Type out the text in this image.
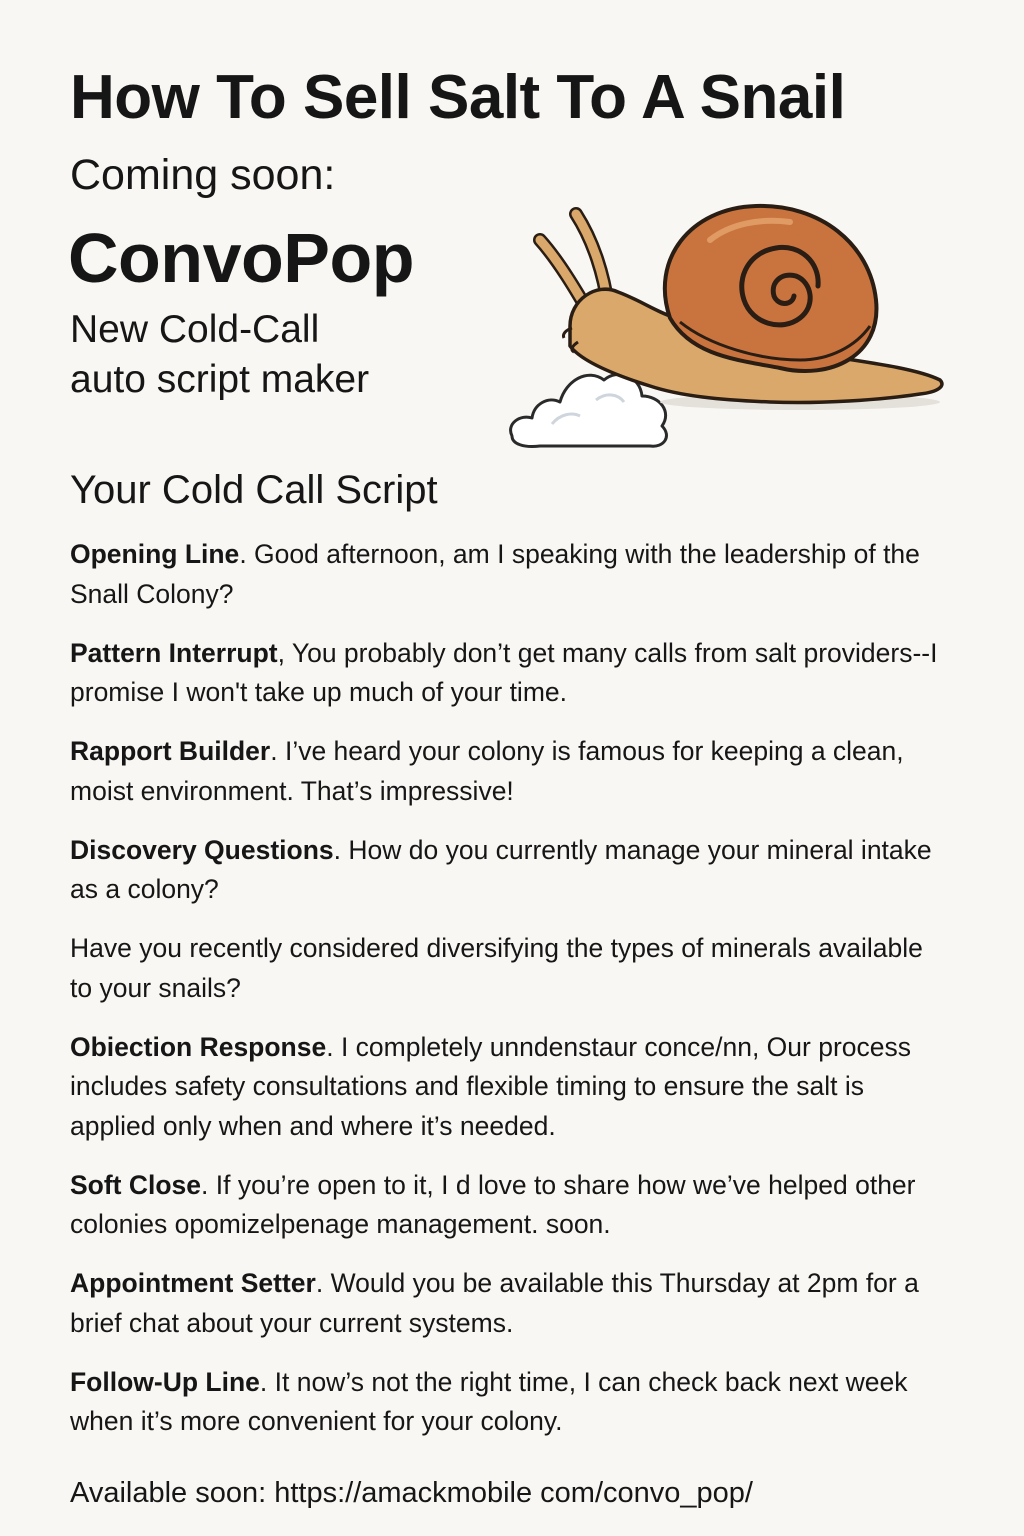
How To Sell Salt To A Snail
Coming soon:
ConvoPop
New Cold-Call
auto script maker
Your Cold Call Script

Opening Line. Good afternoon, am I speaking with the leadership of the Snall Colony?

Pattern Interrupt, You probably don’t get many calls from salt providers--I promise I won't take up much of your time.

Rapport Builder. I’ve heard your colony is famous for keeping a clean, moist environment. That’s impressive!

Discovery Questions. How do you currently manage your mineral intake as a colony?

Have you recently considered diversifying the types of minerals available to your snails?

Obiection Response. I completely unndenstaur conce/nn, Our process includes safety consultations and flexible timing to ensure the salt is applied only when and where it’s needed.

Soft Close. If you’re open to it, I d love to share how we’ve helped other colonies opomizelpenage management. soon.

Appointment Setter. Would you be available this Thursday at 2pm for a brief chat about your current systems.

Follow-Up Line. It now’s not the right time, I can check back next week when it’s more convenient for your colony.

Available soon: https://amackmobile com/convo_pop/
